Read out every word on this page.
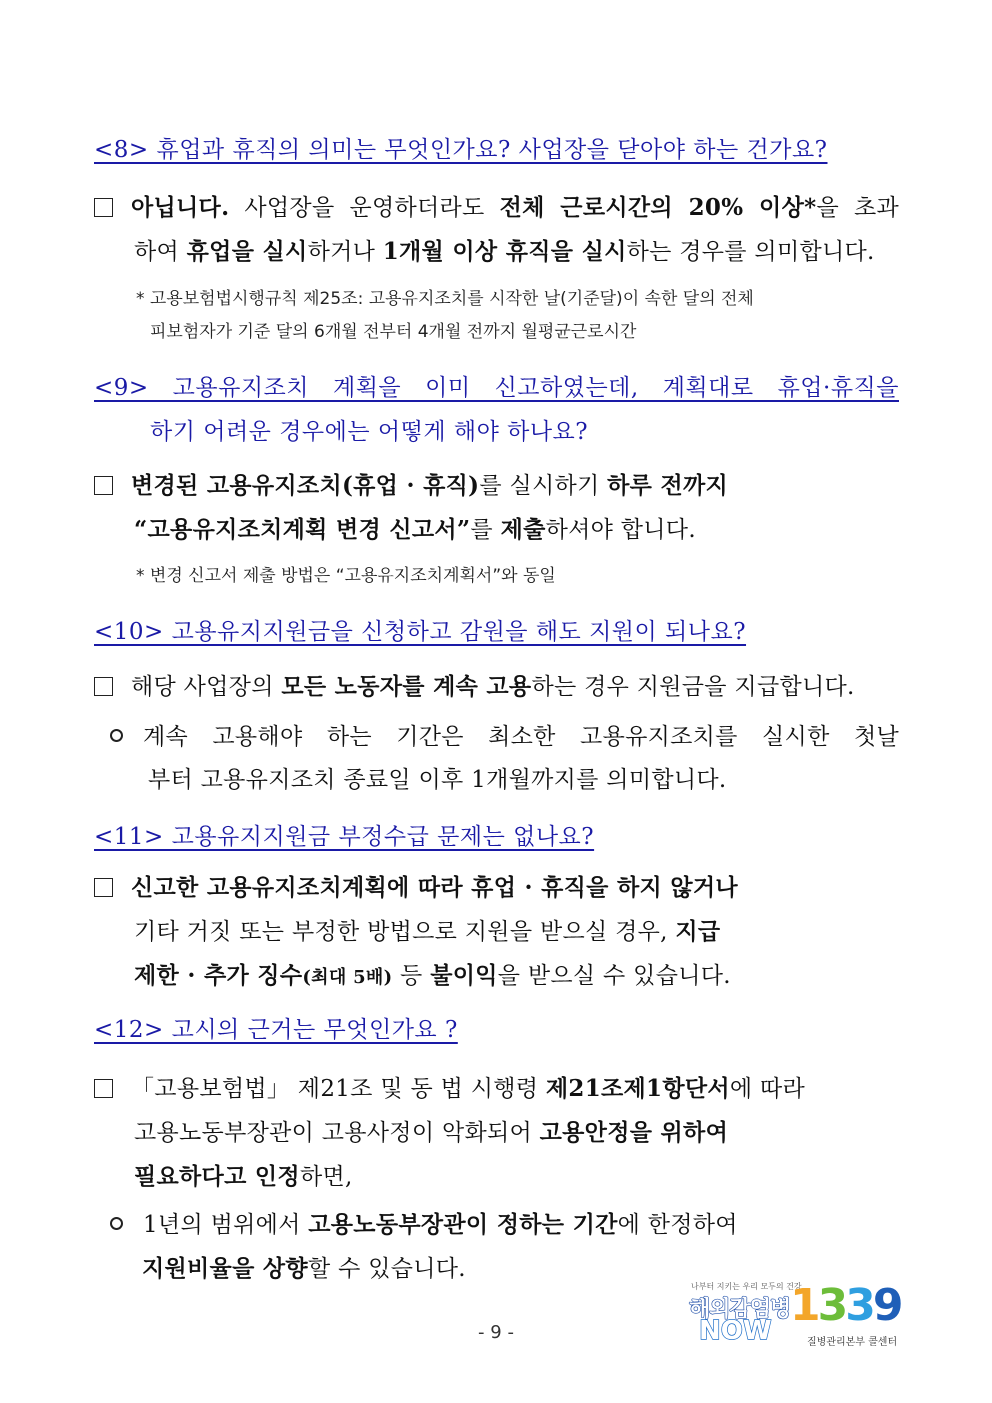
<8> 휴업과 휴직의 의미는 무엇인가요? 사업장을 닫아야 하는 건가요?
아닙니다. 사업장을 운영하더라도 전체 근로시간의 20% 이상*을 초과
하여 휴업을 실시하거나 1개월 이상 휴직을 실시하는 경우를 의미합니다.
* 고용보험법시행규칙 제25조: 고용유지조치를 시작한 날(기준달)이 속한 달의 전체
피보험자가 기준 달의 6개월 전부터 4개월 전까지 월평균근로시간
<9> 고용유지조치 계획을 이미 신고하였는데, 계획대로 휴업·휴직을
하기 어려운 경우에는 어떻게 해야 하나요?
변경된 고용유지조치(휴업 · 휴직)를 실시하기 하루 전까지
“고용유지조치계획 변경 신고서”를 제출하셔야 합니다.
* 변경 신고서 제출 방법은 “고용유지조치계획서”와 동일
<10> 고용유지지원금을 신청하고 감원을 해도 지원이 되나요?
해당 사업장의 모든 노동자를 계속 고용하는 경우 지원금을 지급합니다.
계속 고용해야 하는 기간은 최소한 고용유지조치를 실시한 첫날
부터 고용유지조치 종료일 이후 1개월까지를 의미합니다.
<11> 고용유지지원금 부정수급 문제는 없나요?
신고한 고용유지조치계획에 따라 휴업 · 휴직을 하지 않거나
기타 거짓 또는 부정한 방법으로 지원을 받으실 경우, 지급
제한 · 추가 징수(최대 5배) 등 불이익을 받으실 수 있습니다.
<12> 고시의 근거는 무엇인가요 ?
「고용보험법」 제21조 및 동 법 시행령 제21조제1항단서에 따라
고용노동부장관이 고용사정이 악화되어 고용안정을 위하여
필요하다고 인정하면,
1년의 범위에서 고용노동부장관이 정하는 기간에 한정하여
지원비율을 상향할 수 있습니다.
나부터 지키는 우리 모두의 건강
해외감염병
NOW 1339
질병관리본부 콜센터
- 9 -
